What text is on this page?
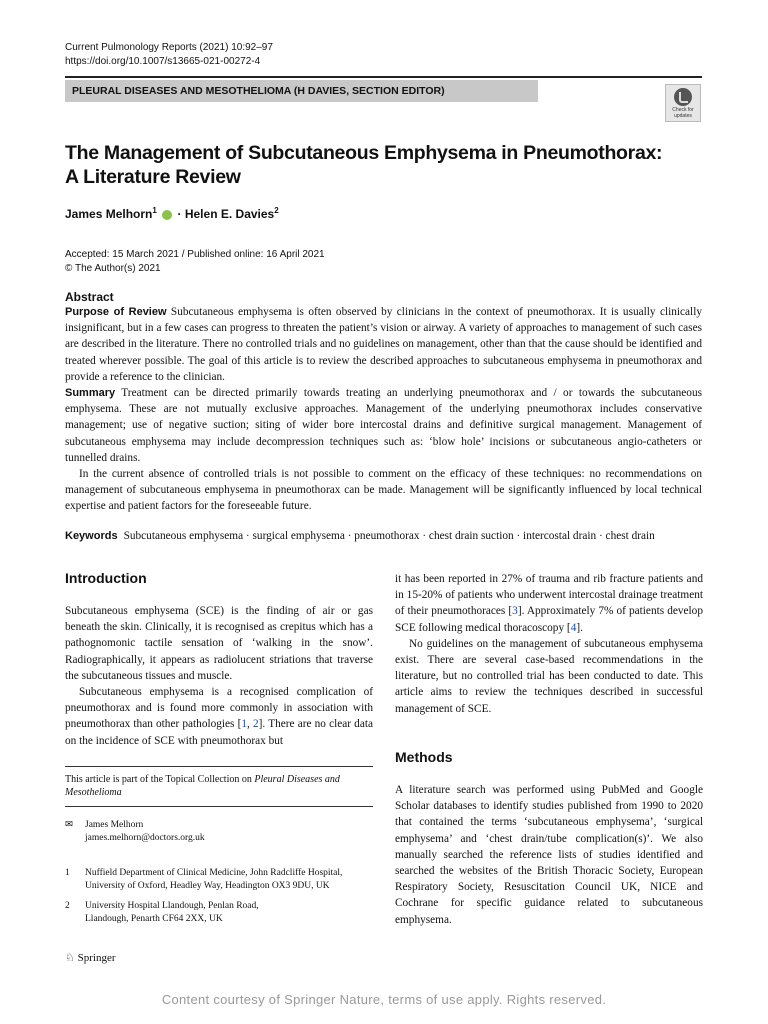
Current Pulmonology Reports (2021) 10:92–97
https://doi.org/10.1007/s13665-021-00272-4
PLEURAL DISEASES AND MESOTHELIOMA (H DAVIES, SECTION EDITOR)
Check for updates
The Management of Subcutaneous Emphysema in Pneumothorax:
A Literature Review
James Melhorn$^1$  · Helen E. Davies$^2$
Accepted: 15 March 2021 / Published online: 16 April 2021
© The Author(s) 2021
Abstract

Purpose of Review Subcutaneous emphysema is often observed by clinicians in the context of pneumothorax. It is usually clinically insignificant, but in a few cases can progress to threaten the patient’s vision or airway. A variety of approaches to management of such cases are described in the literature. There no controlled trials and no guidelines on management, other than that the cause should be identified and treated wherever possible. The goal of this article is to review the described approaches to subcutaneous emphysema in pneumothorax and provide a reference to the clinician.

Summary Treatment can be directed primarily towards treating an underlying pneumothorax and / or towards the subcutaneous emphysema. These are not mutually exclusive approaches. Management of the underlying pneumothorax includes conservative management; use of negative suction; siting of wider bore intercostal drains and definitive surgical management. Management of subcutaneous emphysema may include decompression techniques such as: ‘blow hole’ incisions or subcutaneous angio-catheters or tunnelled drains.

In the current absence of controlled trials is not possible to comment on the efficacy of these techniques: no recommendations on management of subcutaneous emphysema in pneumothorax can be made. Management will be significantly influenced by local technical expertise and patient factors for the foreseeable future.

Keywords Subcutaneous emphysema · surgical emphysema · pneumothorax · chest drain suction · intercostal drain · chest drain
Introduction

Subcutaneous emphysema (SCE) is the finding of air or gas beneath the skin. Clinically, it is recognised as crepitus which has a pathognomonic tactile sensation of ‘walking in the snow’. Radiographically, it appears as radiolucent striations that traverse the subcutaneous tissues and muscle.

Subcutaneous emphysema is a recognised complication of pneumothorax and is found more commonly in association with pneumothorax than other pathologies [1, 2]. There are no clear data on the incidence of SCE with pneumothorax but

This article is part of the Topical Collection on Pleural Diseases and Mesothelioma
✉ James Melhorn
james.melhorn@doctors.org.uk
1 Nuffield Department of Clinical Medicine, John Radcliffe Hospital, University of Oxford, Headley Way, Headington OX3 9DU, UK
2 University Hospital Llandough, Penlan Road, Llandough, Penarth CF64 2XX, UK

it has been reported in 27% of trauma and rib fracture patients and in 15-20% of patients who underwent intercostal drainage treatment of their pneumothoraces [3]. Approximately 7% of patients develop SCE following medical thoracoscopy [4].

No guidelines on the management of subcutaneous emphysema exist. There are several case-based recommendations in the literature, but no controlled trial has been conducted to date. This article aims to review the techniques described in successful management of SCE.

Methods

A literature search was performed using PubMed and Google Scholar databases to identify studies published from 1990 to 2020 that contained the terms ‘subcutaneous emphysema’, ‘surgical emphysema’ and ‘chest drain/tube complication(s)’. We also manually searched the reference lists of studies identified and searched the websites of the British Thoracic Society, European Respiratory Society, Resuscitation Council UK, NICE and Cochrane for specific guidance related to subcutaneous emphysema.

♘ Springer
Content courtesy of Springer Nature, terms of use apply. Rights reserved.
